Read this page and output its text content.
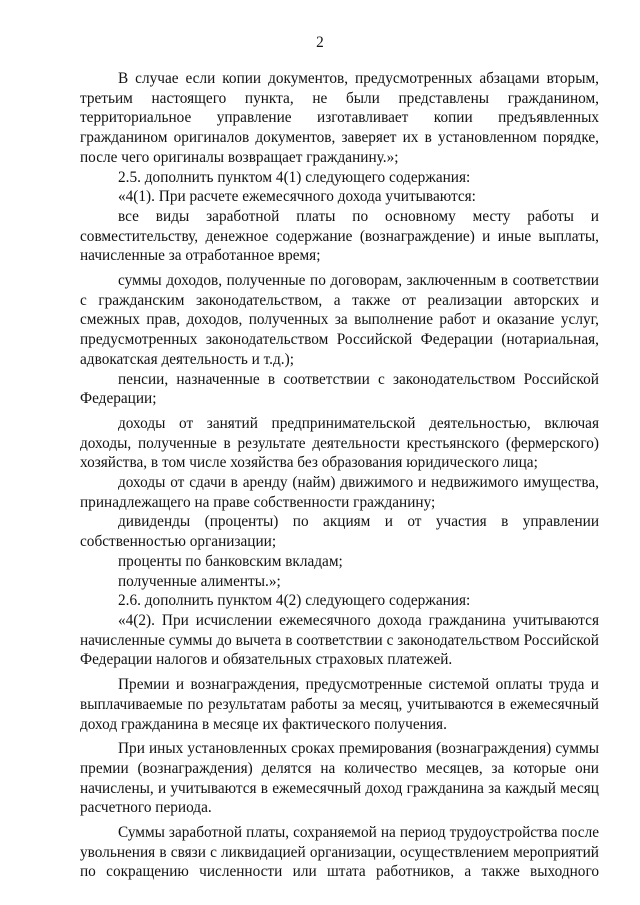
2

В случае если копии документов, предусмотренных абзацами вторым, третьим настоящего пункта, не были представлены гражданином, территориальное управление изготавливает копии предъявленных гражданином оригиналов документов, заверяет их в установленном порядке, после чего оригиналы возвращает гражданину.»;

2.5. дополнить пунктом 4(1) следующего содержания:

«4(1). При расчете ежемесячного дохода учитываются:

все виды заработной платы по основному месту работы и совместительству, денежное содержание (вознаграждение) и иные выплаты, начисленные за отработанное время;

суммы доходов, полученные по договорам, заключенным в соответствии с гражданским законодательством, а также от реализации авторских и смежных прав, доходов, полученных за выполнение работ и оказание услуг, предусмотренных законодательством Российской Федерации (нотариальная, адвокатская деятельность и т.д.);

пенсии, назначенные в соответствии с законодательством Российской Федерации;

доходы от занятий предпринимательской деятельностью, включая доходы, полученные в результате деятельности крестьянского (фермерского) хозяйства, в том числе хозяйства без образования юридического лица;

доходы от сдачи в аренду (найм) движимого и недвижимого имущества, принадлежащего на праве собственности гражданину;

дивиденды (проценты) по акциям и от участия в управлении собственностью организации;

проценты по банковским вкладам;

полученные алименты.»;

2.6. дополнить пунктом 4(2) следующего содержания:

«4(2). При исчислении ежемесячного дохода гражданина учитываются начисленные суммы до вычета в соответствии с законодательством Российской Федерации налогов и обязательных страховых платежей.

Премии и вознаграждения, предусмотренные системой оплаты труда и выплачиваемые по результатам работы за месяц, учитываются в ежемесячный доход гражданина в месяце их фактического получения.

При иных установленных сроках премирования (вознаграждения) суммы премии (вознаграждения) делятся на количество месяцев, за которые они начислены, и учитываются в ежемесячный доход гражданина за каждый месяц расчетного периода.

Суммы заработной платы, сохраняемой на период трудоустройства после увольнения в связи с ликвидацией организации, осуществлением мероприятий по сокращению численности или штата работников, а также выходного
